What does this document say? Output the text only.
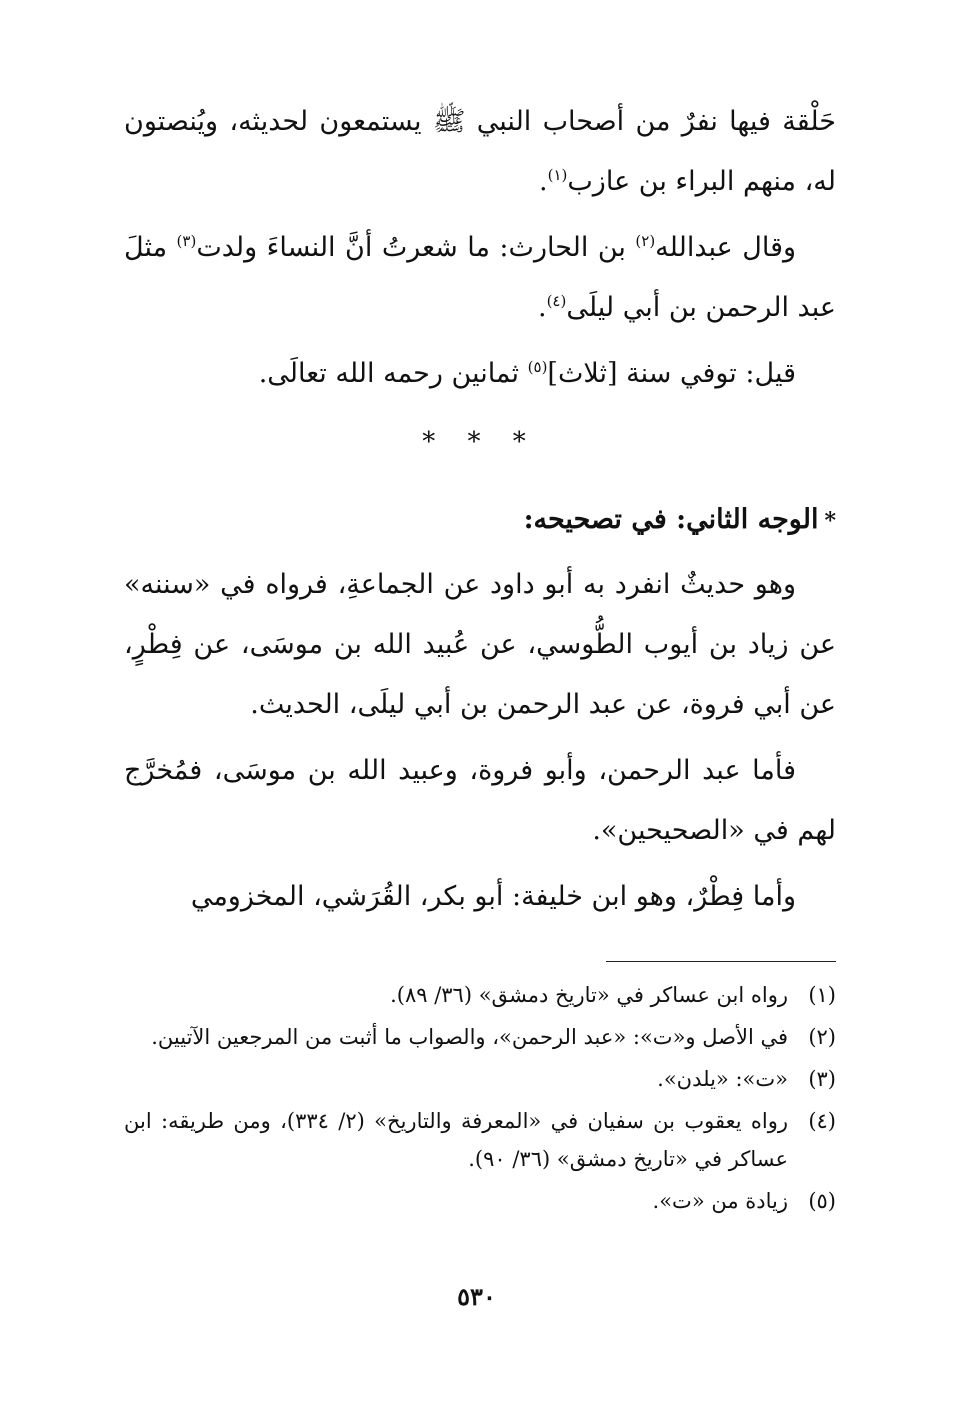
حَلْقة فيها نفرٌ من أصحاب النبي ﷺ يستمعون لحديثه، ويُنصتون له، منهم البراء بن عازب$^{(١)}$.

وقال عبدالله$^{(٢)}$ بن الحارث: ما شعرتُ أنَّ النساءَ ولدت$^{(٣)}$ مثلَ عبد الرحمن بن أبي ليلَى$^{(٤)}$.

قيل: توفي سنة [ثلاث]$^{(٥)}$ ثمانين رحمه الله تعالَى.

* * *
*الوجه الثاني: في تصحيحه:

وهو حديثٌ انفرد به أبو داود عن الجماعةِ، فرواه في «سننه» عن زياد بن أيوب الطُّوسي، عن عُبيد الله بن موسَى، عن فِطْرٍ، عن أبي فروة، عن عبد الرحمن بن أبي ليلَى، الحديث.

فأما عبد الرحمن، وأبو فروة، وعبيد الله بن موسَى، فمُخرَّج لهم في «الصحيحين».

وأما فِطْرٌ، وهو ابن خليفة: أبو بكر، القُرَشي، المخزومي

(١)
رواه ابن عساكر في «تاريخ دمشق» (٣٦/ ٨٩).
(٢)
في الأصل و«ت»: «عبد الرحمن»، والصواب ما أثبت من المرجعين الآتيين.
(٣)
«ت»: «يلدن».
(٤)
رواه يعقوب بن سفيان في «المعرفة والتاريخ» (٢/ ٣٣٤)، ومن طريقه: ابن عساكر في «تاريخ دمشق» (٣٦/ ٩٠).
(٥)
زيادة من «ت».
٥٣٠
